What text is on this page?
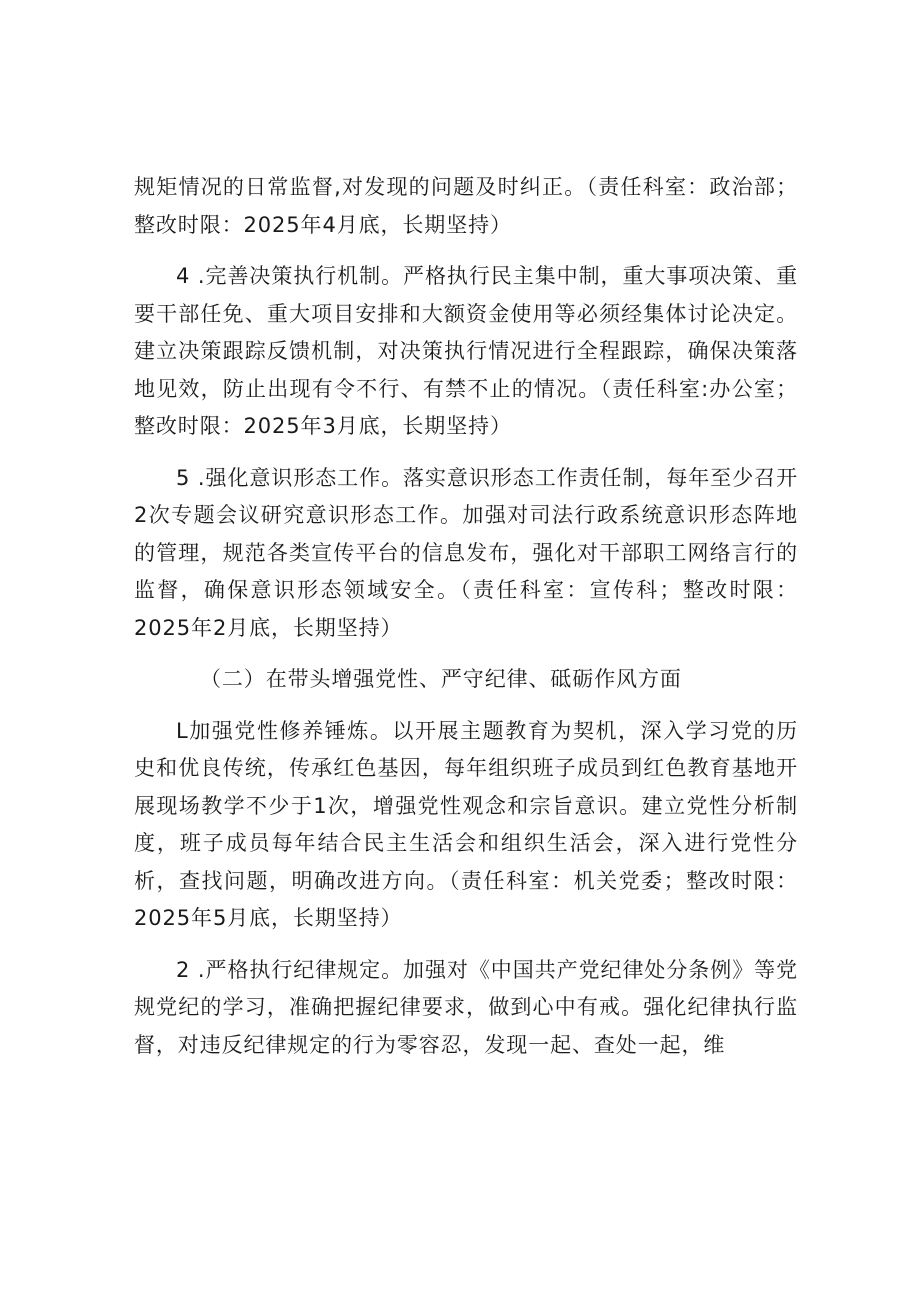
规矩情况的日常监督,对发现的问题及时纠正。（责任科室：政治部；整改时限：2025年4月底，长期坚持）

4 .完善决策执行机制。严格执行民主集中制，重大事项决策、重要干部任免、重大项目安排和大额资金使用等必须经集体讨论决定。建立决策跟踪反馈机制，对决策执行情况进行全程跟踪，确保决策落地见效，防止出现有令不行、有禁不止的情况。（责任科室:办公室；整改时限：2025年3月底，长期坚持）

5 .强化意识形态工作。落实意识形态工作责任制，每年至少召开2次专题会议研究意识形态工作。加强对司法行政系统意识形态阵地的管理，规范各类宣传平台的信息发布，强化对干部职工网络言行的监督，确保意识形态领域安全。（责任科室：宣传科；整改时限：2025年2月底，长期坚持）

（二）在带头增强党性、严守纪律、砥砺作风方面

L加强党性修养锤炼。以开展主题教育为契机，深入学习党的历史和优良传统，传承红色基因，每年组织班子成员到红色教育基地开展现场教学不少于1次，增强党性观念和宗旨意识。建立党性分析制度，班子成员每年结合民主生活会和组织生活会，深入进行党性分析，查找问题，明确改进方向。（责任科室：机关党委；整改时限：2025年5月底，长期坚持）

2 .严格执行纪律规定。加强对《中国共产党纪律处分条例》等党规党纪的学习，准确把握纪律要求，做到心中有戒。强化纪律执行监督，对违反纪律规定的行为零容忍，发现一起、查处一起，维
